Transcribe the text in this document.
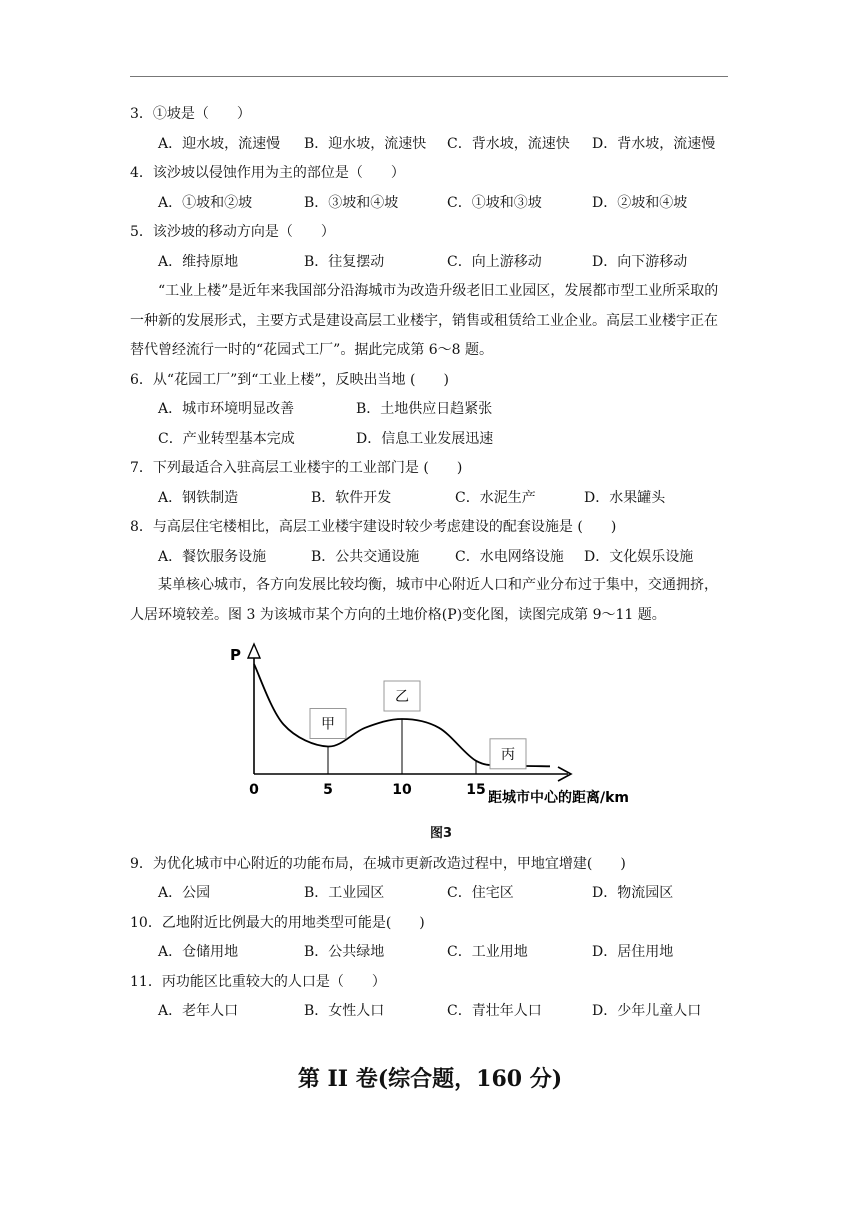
3．①坡是（　　）
A．迎水坡，流速慢 B．迎水坡，流速快 C．背水坡，流速快 D．背水坡，流速慢
4．该沙坡以侵蚀作用为主的部位是（　　）
A．①坡和②坡	B．③坡和④坡	C．①坡和③坡	D．②坡和④坡
5．该沙坡的移动方向是（　　）
A．维持原地	B．往复摆动	C．向上游移动	D．向下游移动
“工业上楼”是近年来我国部分沿海城市为改造升级老旧工业园区，发展都市型工业所采取的一种新的发展形式，主要方式是建设高层工业楼宇，销售或租赁给工业企业。高层工业楼宇正在替代曾经流行一时的“花园式工厂”。据此完成第 6～8 题。
6．从“花园工厂”到“工业上楼”，反映出当地 (　　)
A．城市环境明显改善	B．土地供应日趋紧张
C．产业转型基本完成	D．信息工业发展迅速
7．下列最适合入驻高层工业楼宇的工业部门是 (　　)
A．钢铁制造	B．软件开发	C．水泥生产	D．水果罐头
8．与高层住宅楼相比，高层工业楼宇建设时较少考虑建设的配套设施是 (　　)
A．餐饮服务设施	B．公共交通设施	C．水电网络设施 D．文化娱乐设施
某单核心城市，各方向发展比较均衡，城市中心附近人口和产业分布过于集中，交通拥挤，人居环境较差。图 3 为该城市某个方向的土地价格(P)变化图，读图完成第 9～11 题。
P
距城市中心的距离/km
0	5	10	15
甲
乙
丙
图3
9．为优化城市中心附近的功能布局，在城市更新改造过程中，甲地宜增建(　　)
A．公园	B．工业园区	C．住宅区	D．物流园区
10．乙地附近比例最大的用地类型可能是(　　)
A．仓储用地	B．公共绿地	C．工业用地	D．居住用地
11．丙功能区比重较大的人口是（　　）
A．老年人口	B．女性人口	C．青壮年人口	D．少年儿童人口
第 II 卷(综合题，160 分)
